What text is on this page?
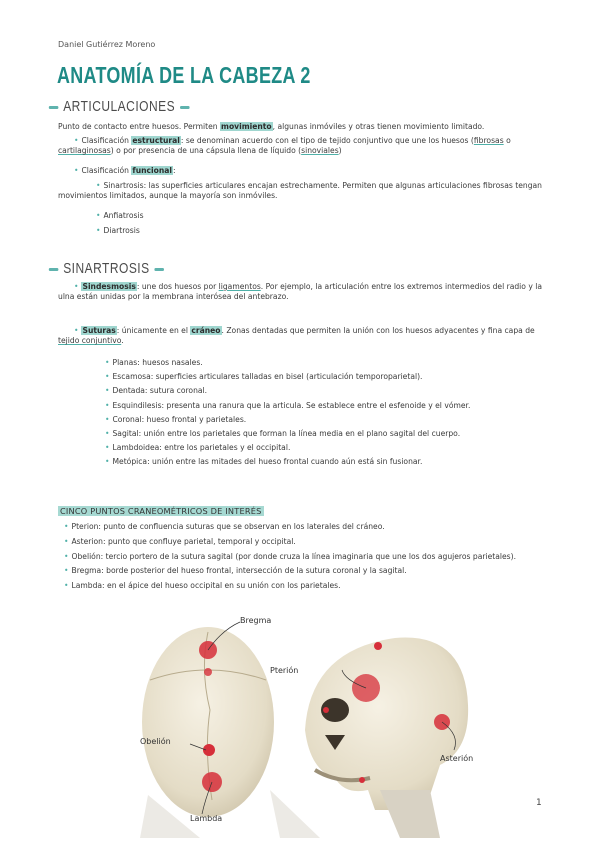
Daniel Gutiérrez Moreno
ANATOMÍA DE LA CABEZA 2
ARTICULACIONES
Punto de contacto entre huesos. Permiten movimiento, algunas inmóviles y otras tienen movimiento limitado.
• Clasificación estructural: se denominan acuerdo con el tipo de tejido conjuntivo que une los huesos (fibrosas o cartilaginosas) o por presencia de una cápsula llena de líquido (sinoviales)
• Clasificación funcional:
• Sinartrosis: las superficies articulares encajan estrechamente. Permiten que algunas articulaciones fibrosas tengan movimientos limitados, aunque la mayoría son inmóviles.
• Anfiatrosis
• Diartrosis
SINARTROSIS
• Sindesmosis: une dos huesos por ligamentos. Por ejemplo, la articulación entre los extremos intermedios del radio y la ulna están unidas por la membrana interósea del antebrazo.
• Suturas: únicamente en el cráneo. Zonas dentadas que permiten la unión con los huesos adyacentes y fina capa de tejido conjuntivo.
• Planas: huesos nasales.
• Escamosa: superficies articulares talladas en bisel (articulación temporoparietal).
• Dentada: sutura coronal.
• Esquindilesis: presenta una ranura que la articula. Se establece entre el esfenoide y el vómer.
• Coronal: hueso frontal y parietales.
• Sagital: unión entre los parietales que forman la línea media en el plano sagital del cuerpo.
• Lambdoidea: entre los parietales y el occipital.
• Metópica: unión entre las mitades del hueso frontal cuando aún está sin fusionar.
CINCO PUNTOS CRANEOMÉTRICOS DE INTERÉS
• Pterion: punto de confluencia suturas que se observan en los laterales del cráneo.
• Asterion: punto que confluye parietal, temporal y occipital.
• Obelión: tercio portero de la sutura sagital (por donde cruza la línea imaginaria que une los dos agujeros parietales).
• Bregma: borde posterior del hueso frontal, intersección de la sutura coronal y la sagital.
• Lambda: en el ápice del hueso occipital en su unión con los parietales.
Bregma
Pterión
Obelión
Asterión
Lambda
1
